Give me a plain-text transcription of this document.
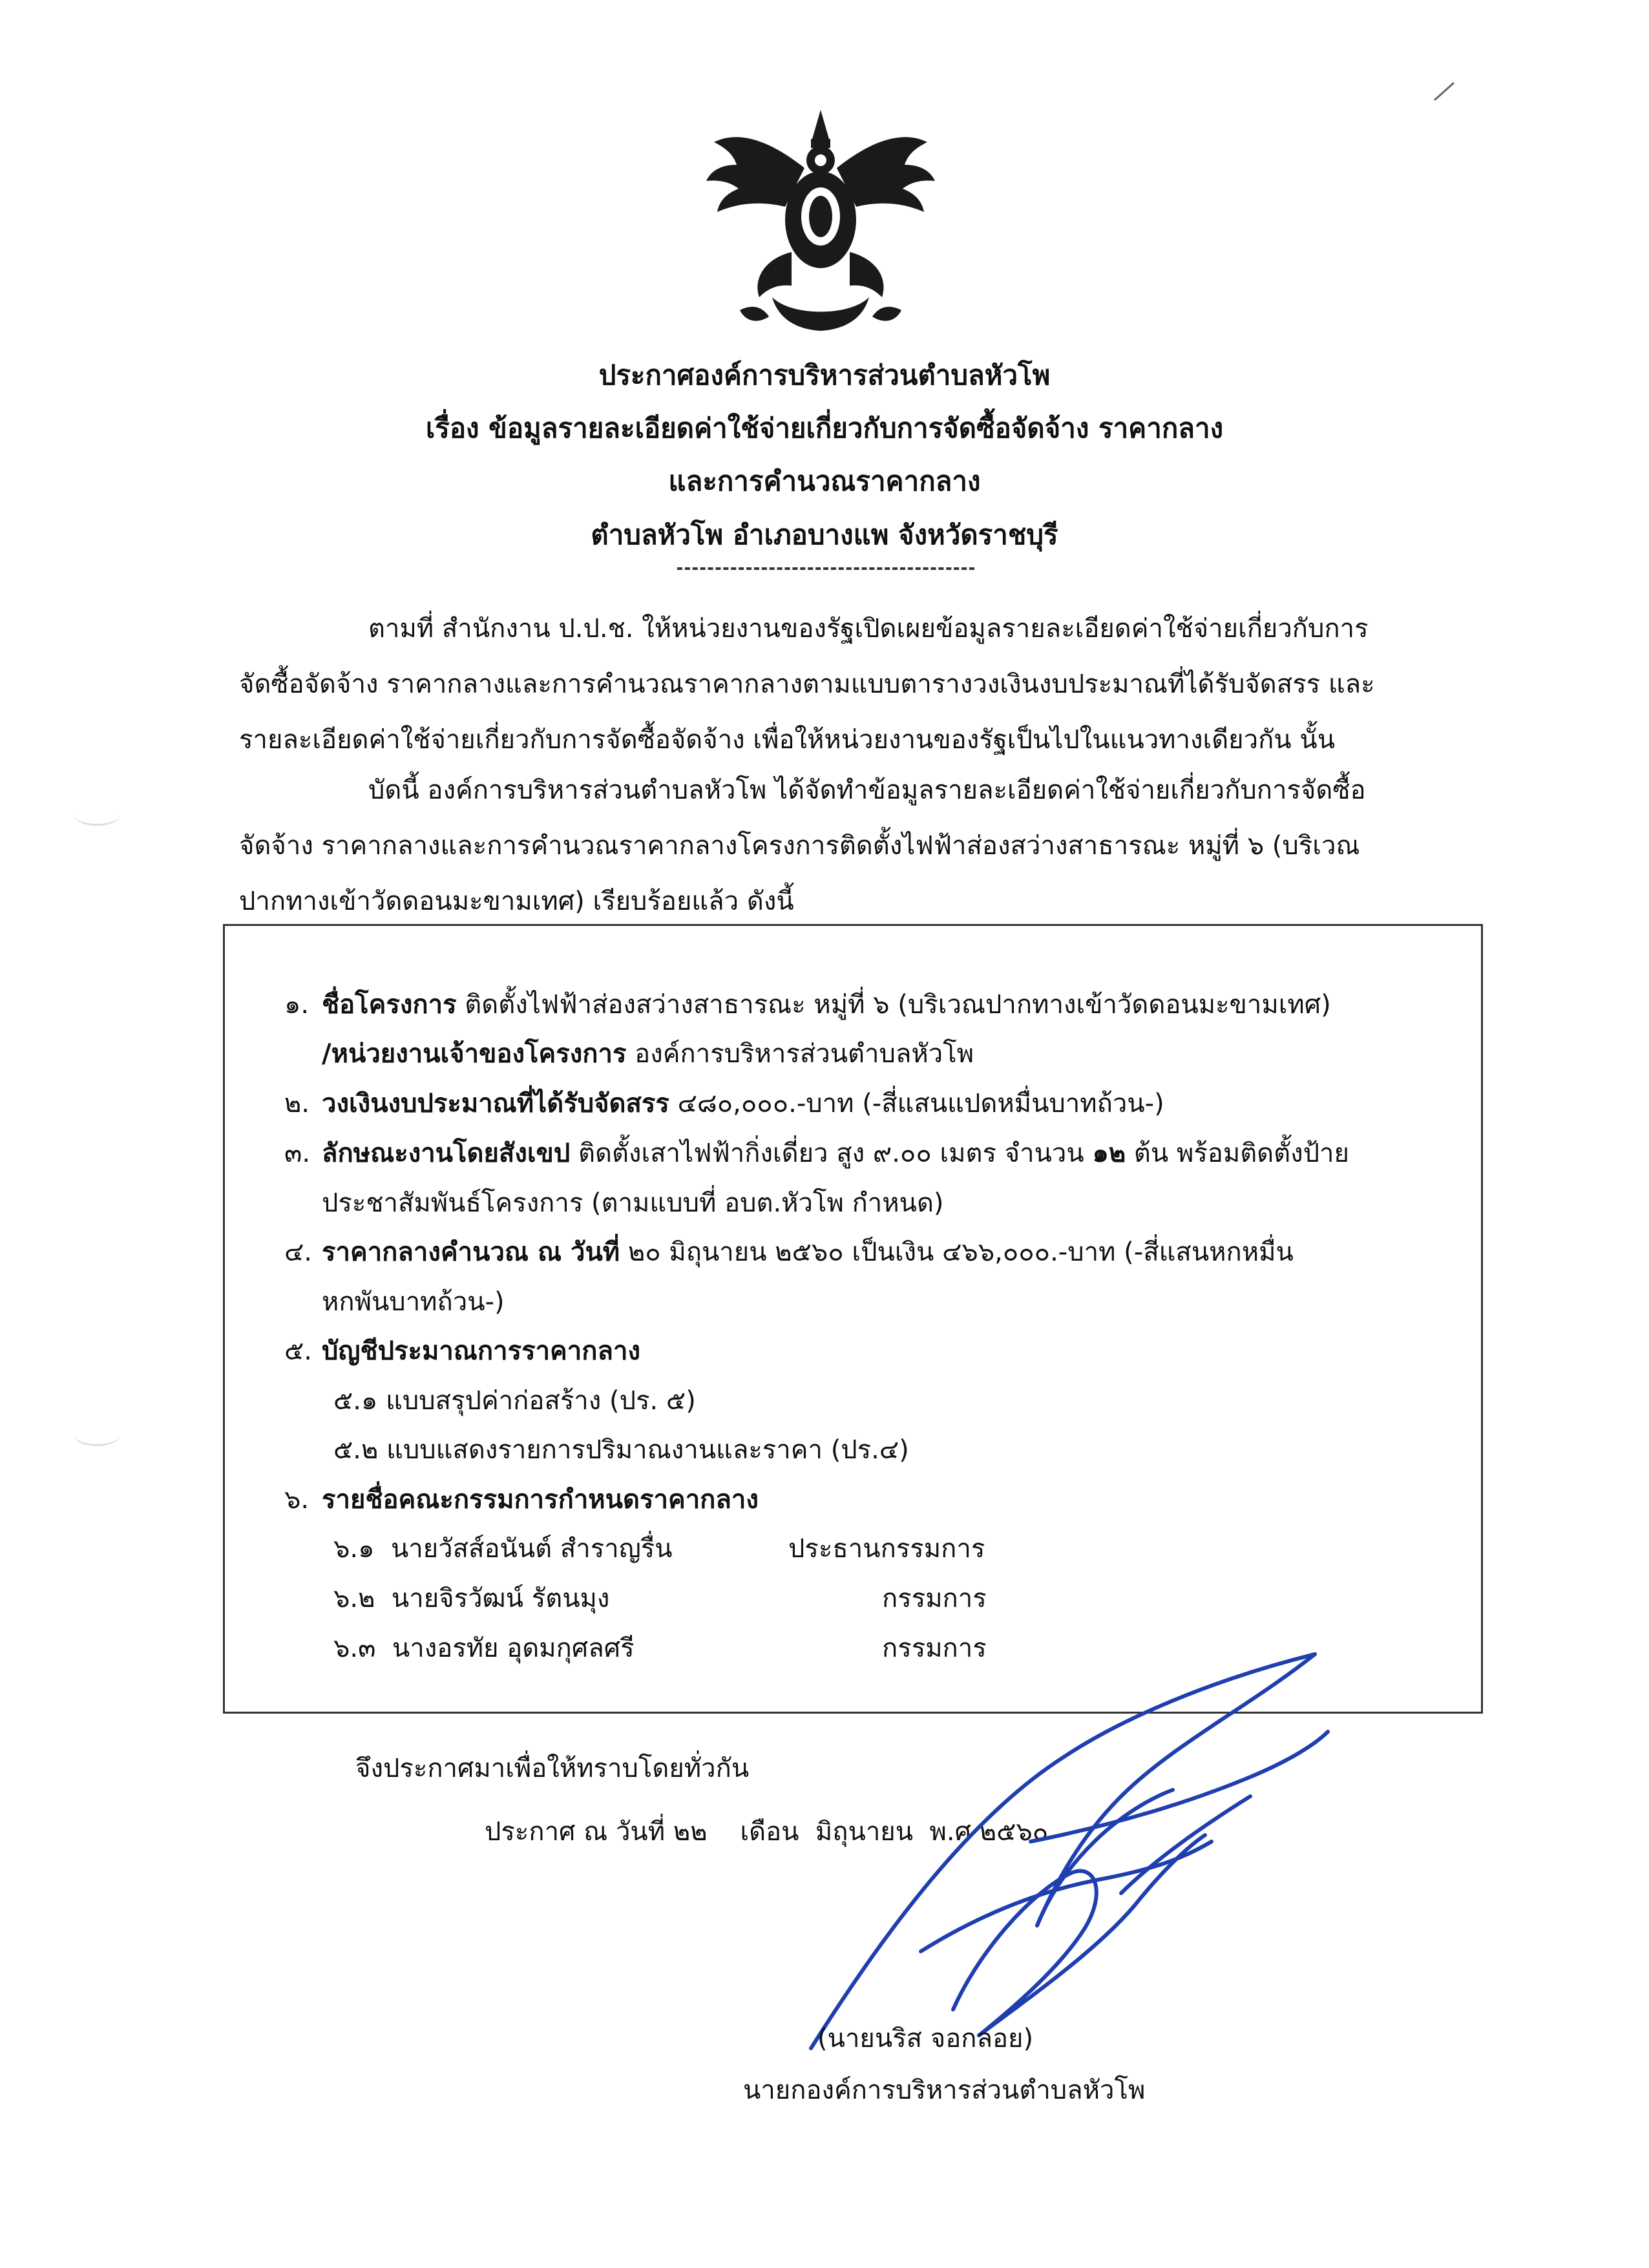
ประกาศองค์การบริหารส่วนตำบลหัวโพ
เรื่อง ข้อมูลรายละเอียดค่าใช้จ่ายเกี่ยวกับการจัดซื้อจัดจ้าง ราคากลาง
และการคำนวณราคากลาง
ตำบลหัวโพ อำเภอบางแพ จังหวัดราชบุรี

ตามที่ สำนักงาน ป.ป.ช. ให้หน่วยงานของรัฐเปิดเผยข้อมูลรายละเอียดค่าใช้จ่ายเกี่ยวกับการ

จัดซื้อจัดจ้าง ราคากลางและการคำนวณราคากลางตามแบบตารางวงเงินงบประมาณที่ได้รับจัดสรร และ

รายละเอียดค่าใช้จ่ายเกี่ยวกับการจัดซื้อจัดจ้าง เพื่อให้หน่วยงานของรัฐเป็นไปในแนวทางเดียวกัน นั้น

บัดนี้ องค์การบริหารส่วนตำบลหัวโพ ได้จัดทำข้อมูลรายละเอียดค่าใช้จ่ายเกี่ยวกับการจัดซื้อ

จัดจ้าง ราคากลางและการคำนวณราคากลางโครงการติดตั้งไฟฟ้าส่องสว่างสาธารณะ หมู่ที่ ๖ (บริเวณ

ปากทางเข้าวัดดอนมะขามเทศ) เรียบร้อยแล้ว ดังนี้

๑. ชื่อโครงการ ติดตั้งไฟฟ้าส่องสว่างสาธารณะ หมู่ที่ ๖ (บริเวณปากทางเข้าวัดดอนมะขามเทศ)
/หน่วยงานเจ้าของโครงการ องค์การบริหารส่วนตำบลหัวโพ
๒. วงเงินงบประมาณที่ได้รับจัดสรร ๔๘๐,๐๐๐.-บาท (-สี่แสนแปดหมื่นบาทถ้วน-)
๓. ลักษณะงานโดยสังเขป ติดตั้งเสาไฟฟ้ากิ่งเดี่ยว สูง ๙.๐๐ เมตร จำนวน ๑๒ ต้น พร้อมติดตั้งป้าย
ประชาสัมพันธ์โครงการ (ตามแบบที่ อบต.หัวโพ กำหนด)
๔. ราคากลางคำนวณ ณ วันที่ ๒๐ มิถุนายน ๒๕๖๐ เป็นเงิน ๔๖๖,๐๐๐.-บาท (-สี่แสนหกหมื่น
หกพันบาทถ้วน-)
๕. บัญชีประมาณการราคากลาง
๕.๑ แบบสรุปค่าก่อสร้าง (ปร. ๕)
๕.๒ แบบแสดงรายการปริมาณงานและราคา (ปร.๔)
๖. รายชื่อคณะกรรมการกำหนดราคากลาง
๖.๑ นายวัสส์อนันต์ สำราญรื่น	ประธานกรรมการ
๖.๒ นายจิรวัฒน์ รัตนมุง	กรรมการ
๖.๓ นางอรทัย อุดมกุศลศรี	กรรมการ
จึงประกาศมาเพื่อให้ทราบโดยทั่วกัน
ประกาศ ณ วันที่ ๒๒ เดือน มิถุนายน พ.ศ ๒๕๖๐
(นายนริส จอกลอย)
นายกองค์การบริหารส่วนตำบลหัวโพ
